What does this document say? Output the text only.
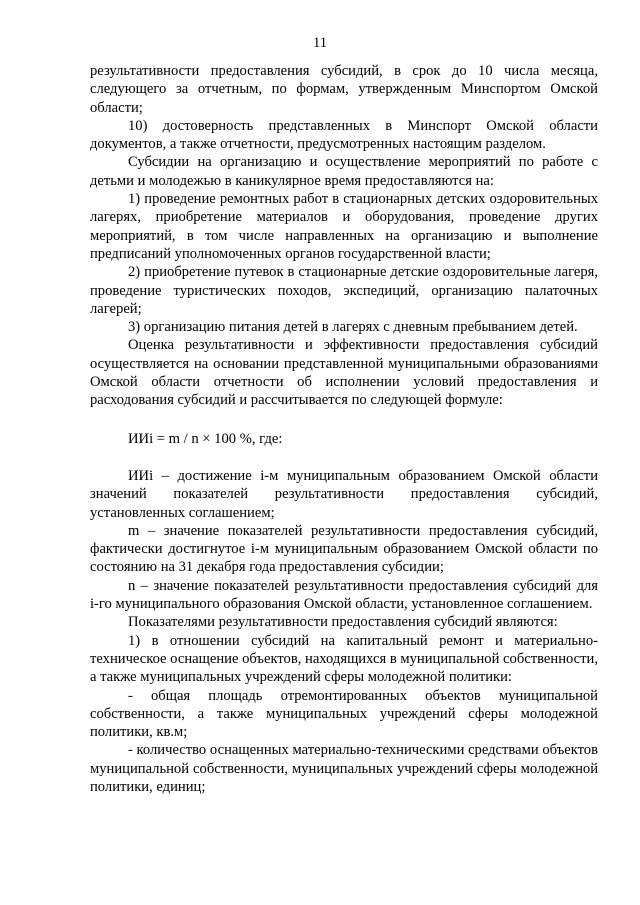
11

результативности предоставления субсидий, в срок до 10 числа месяца, следующего за отчетным, по формам, утвержденным Минспортом Омской области;

10) достоверность представленных в Минспорт Омской области документов, а также отчетности, предусмотренных настоящим разделом.

Субсидии на организацию и осуществление мероприятий по работе с детьми и молодежью в каникулярное время предоставляются на:

1) проведение ремонтных работ в стационарных детских оздоровительных лагерях, приобретение материалов и оборудования, проведение других мероприятий, в том числе направленных на организацию и выполнение предписаний уполномоченных органов государственной власти;

2) приобретение путевок в стационарные детские оздоровительные лагеря, проведение туристических походов, экспедиций, организацию палаточных лагерей;

3) организацию питания детей в лагерях с дневным пребыванием детей.

Оценка результативности и эффективности предоставления субсидий осуществляется на основании представленной муниципальными образованиями Омской области отчетности об исполнении условий предоставления и расходования субсидий и рассчитывается по следующей формуле:

ИИi = m / n × 100 %, где:

ИИi – достижение i-м муниципальным образованием Омской области значений показателей результативности предоставления субсидий, установленных соглашением;

m – значение показателей результативности предоставления субсидий, фактически достигнутое i-м муниципальным образованием Омской области по состоянию на 31 декабря года предоставления субсидии;

n – значение показателей результативности предоставления субсидий для i-го муниципального образования Омской области, установленное соглашением.

Показателями результативности предоставления субсидий являются:

1) в отношении субсидий на капитальный ремонт и материально-техническое оснащение объектов, находящихся в муниципальной собственности, а также муниципальных учреждений сферы молодежной политики:

- общая площадь отремонтированных объектов муниципальной собственности, а также муниципальных учреждений сферы молодежной политики, кв.м;

- количество оснащенных материально-техническими средствами объектов муниципальной собственности, муниципальных учреждений сферы молодежной политики, единиц;
